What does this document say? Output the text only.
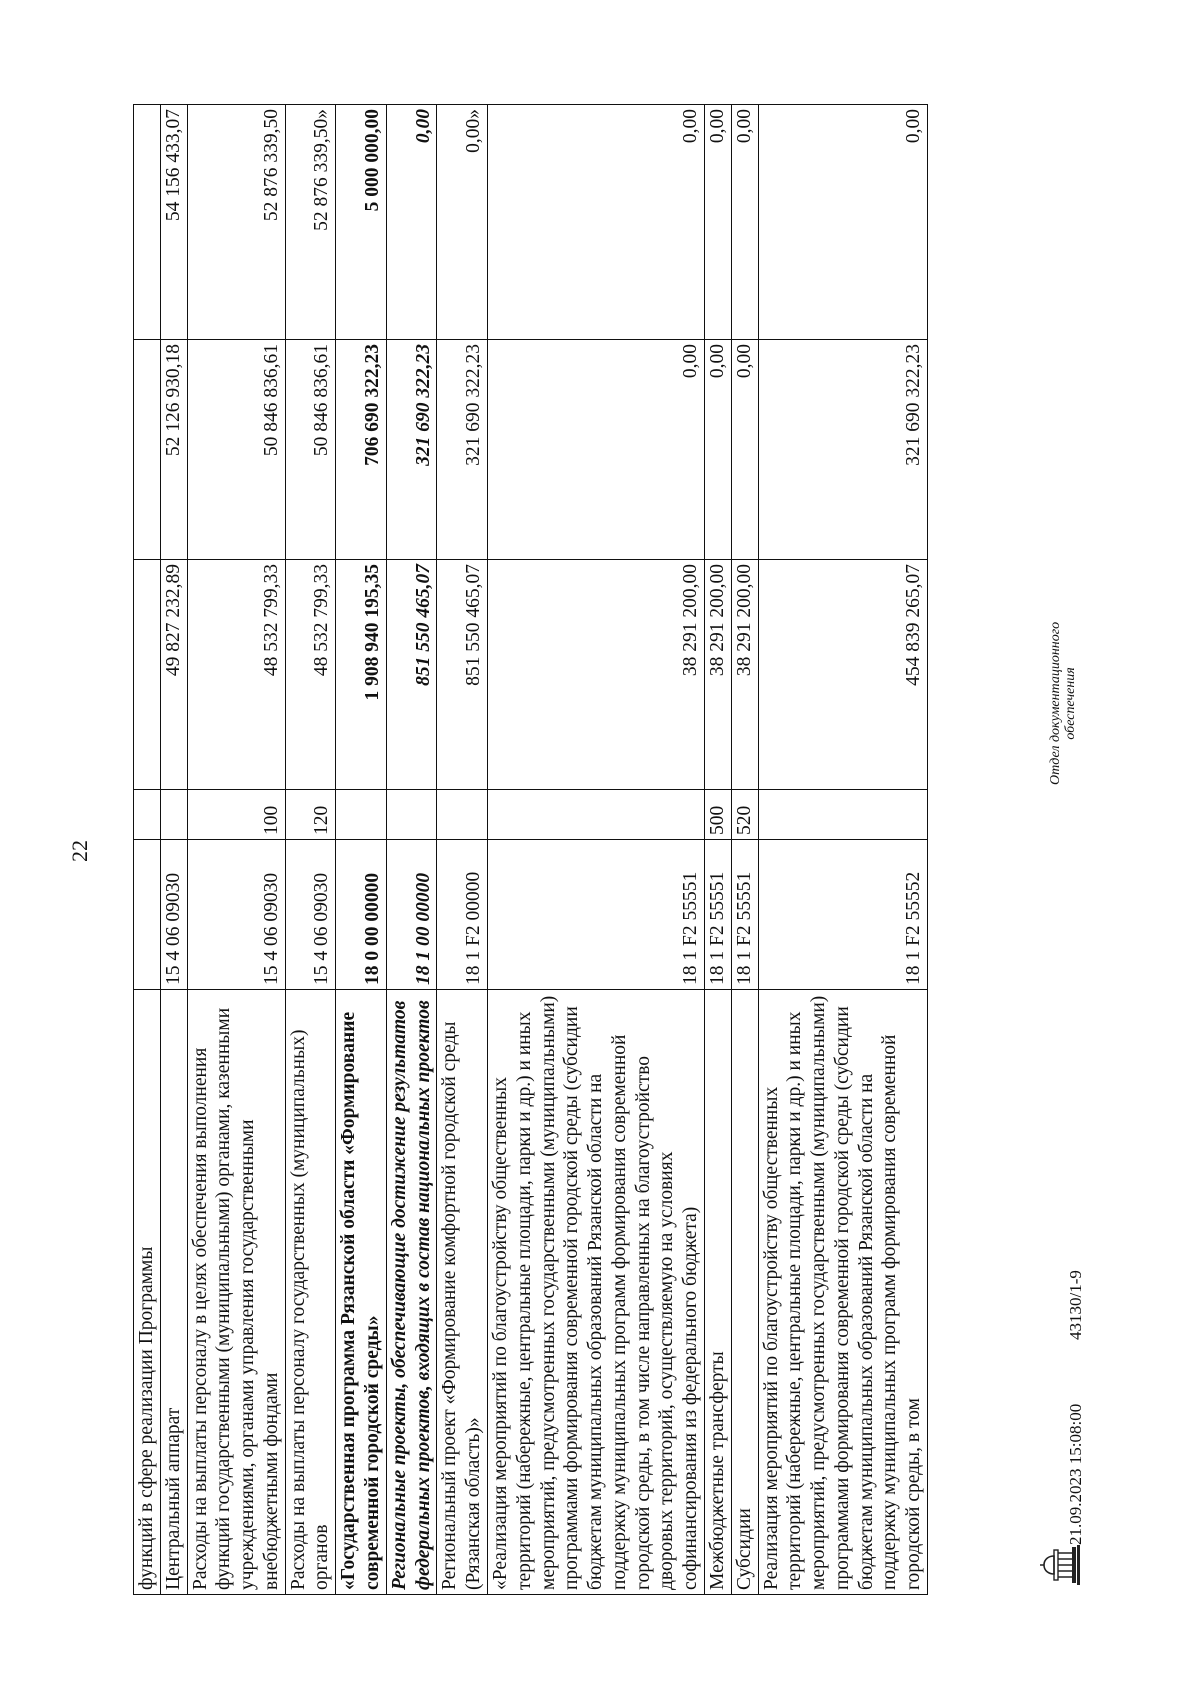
22
функций в сфере реализации Программы					
Центральный аппарат	15 4 06 09030		49 827 232,89	52 126 930,18	54 156 433,07
Расходы на выплаты персоналу в целях обеспечения выполнения функций государственными (муниципальными) органами, казенными учреждениями, органами управления государственными внебюджетными фондами	15 4 06 09030	100	48 532 799,33	50 846 836,61	52 876 339,50
Расходы на выплаты персоналу государственных (муниципальных) органов	15 4 06 09030	120	48 532 799,33	50 846 836,61	52 876 339,50»
«Государственная программа Рязанской области «Формирование современной городской среды»	18 0 00 00000		1 908 940 195,35	706 690 322,23	5 000 000,00
Региональные проекты, обеспечивающие достижение результатов федеральных проектов, входящих в состав национальных проектов	18 1 00 00000		851 550 465,07	321 690 322,23	0,00
Региональный проект «Формирование комфортной городской среды (Рязанская область)»	18 1 F2 00000		851 550 465,07	321 690 322,23	0,00»
«Реализация мероприятий по благоустройству общественных территорий (набережные, центральные площади, парки и др.) и иных мероприятий, предусмотренных государственными (муниципальными) программами формирования современной городской среды (субсидии бюджетам муниципальных образований Рязанской области на поддержку муниципальных программ формирования современной городской среды, в том числе направленных на благоустройство дворовых территорий, осуществляемую на условиях софинансирования из федерального бюджета)	18 1 F2 55551		38 291 200,00	0,00	0,00
Межбюджетные трансферты	18 1 F2 55551	500	38 291 200,00	0,00	0,00
Субсидии	18 1 F2 55551	520	38 291 200,00	0,00	0,00
Реализация мероприятий по благоустройству общественных территорий (набережные, центральные площади, парки и др.) и иных мероприятий, предусмотренных государственными (муниципальными) программами формирования современной городской среды (субсидии бюджетам муниципальных образований Рязанской области на поддержку муниципальных программ формирования современной городской среды, в том	18 1 F2 55552		454 839 265,07	321 690 322,23	0,00
21.09.2023 15:08:00
43130/1-9
Отдел документационного обеспечения
